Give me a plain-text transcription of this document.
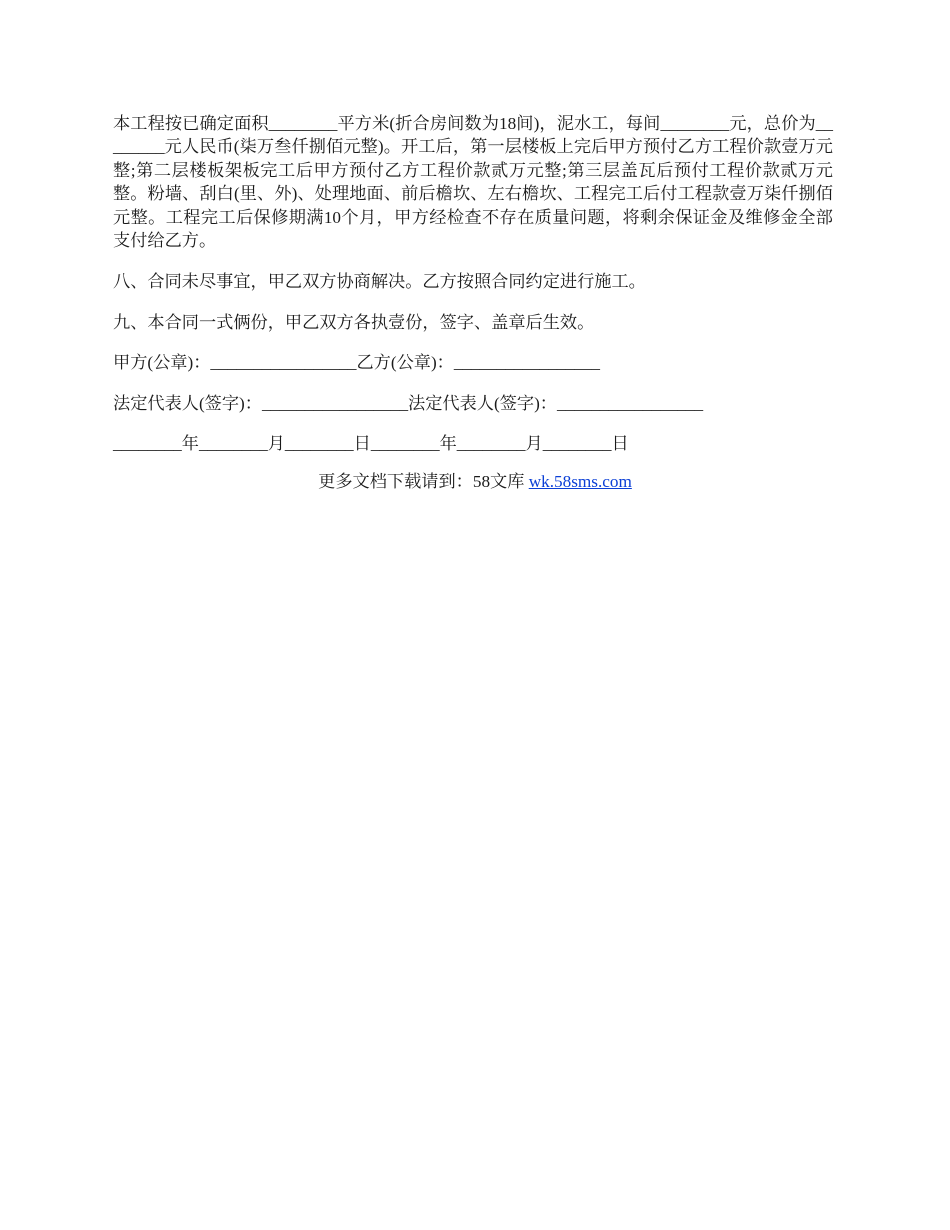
本工程按已确定面积________平方米(折合房间数为18间)，泥水工，每间________元，总价为________元人民币(柒万叁仟捌佰元整)。开工后，第一层楼板上完后甲方预付乙方工程价款壹万元整;第二层楼板架板完工后甲方预付乙方工程价款贰万元整;第三层盖瓦后预付工程价款贰万元整。粉墙、刮白(里、外)、处理地面、前后檐坎、左右檐坎、工程完工后付工程款壹万柒仟捌佰元整。工程完工后保修期满10个月，甲方经检查不存在质量问题，将剩余保证金及维修金全部支付给乙方。

八、合同未尽事宜，甲乙双方协商解决。乙方按照合同约定进行施工。

九、本合同一式俩份，甲乙双方各执壹份，签字、盖章后生效。

甲方(公章)：_________________乙方(公章)：_________________

法定代表人(签字)：_________________法定代表人(签字)：_________________

________年________月________日________年________月________日

更多文档下载请到：58文库 wk.58sms.com
